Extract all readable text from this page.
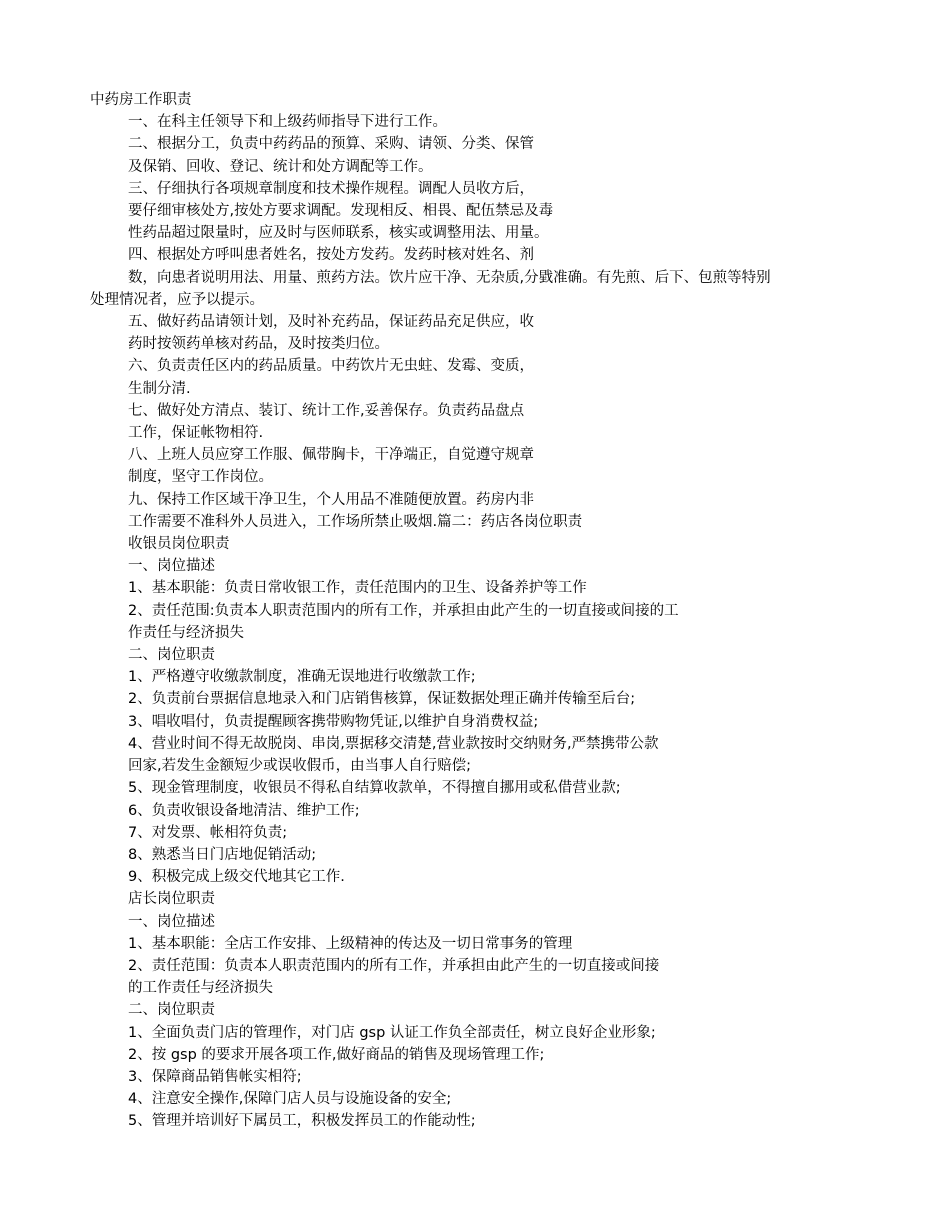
中药房工作职责
一、在科主任领导下和上级药师指导下进行工作。
二、根据分工，负责中药药品的预算、采购、请领、分类、保管
及保销、回收、登记、统计和处方调配等工作。
三、仔细执行各项规章制度和技术操作规程。调配人员收方后，
要仔细审核处方,按处方要求调配。发现相反、相畏、配伍禁忌及毒
性药品超过限量时，应及时与医师联系，核实或调整用法、用量。
四、根据处方呼叫患者姓名，按处方发药。发药时核对姓名、剂
数，向患者说明用法、用量、煎药方法。饮片应干净、无杂质,分戥准确。有先煎、后下、包煎等特别
处理情况者，应予以提示。
五、做好药品请领计划，及时补充药品，保证药品充足供应，收
药时按领药单核对药品，及时按类归位。
六、负责责任区内的药品质量。中药饮片无虫蛀、发霉、变质，
生制分清.
七、做好处方清点、装订、统计工作,妥善保存。负责药品盘点
工作，保证帐物相符.
八、上班人员应穿工作服、佩带胸卡，干净端正，自觉遵守规章
制度，坚守工作岗位。
九、保持工作区域干净卫生，个人用品不准随便放置。药房内非
工作需要不准科外人员进入，工作场所禁止吸烟.篇二：药店各岗位职责
收银员岗位职责
一、岗位描述
1、基本职能：负责日常收银工作，责任范围内的卫生、设备养护等工作
2、责任范围:负责本人职责范围内的所有工作，并承担由此产生的一切直接或间接的工
作责任与经济损失
二、岗位职责
1、严格遵守收缴款制度，准确无误地进行收缴款工作;
2、负责前台票据信息地录入和门店销售核算，保证数据处理正确并传输至后台;
3、唱收唱付，负责提醒顾客携带购物凭证,以维护自身消费权益;
4、营业时间不得无故脱岗、串岗,票据移交清楚,营业款按时交纳财务,严禁携带公款
回家,若发生金额短少或误收假币，由当事人自行赔偿;
5、现金管理制度，收银员不得私自结算收款单，不得擅自挪用或私借营业款;
6、负责收银设备地清洁、维护工作;
7、对发票、帐相符负责;
8、熟悉当日门店地促销活动;
9、积极完成上级交代地其它工作.
店长岗位职责
一、岗位描述
1、基本职能：全店工作安排、上级精神的传达及一切日常事务的管理
2、责任范围：负责本人职责范围内的所有工作，并承担由此产生的一切直接或间接
的工作责任与经济损失
二、岗位职责
1、全面负责门店的管理作，对门店 gsp 认证工作负全部责任，树立良好企业形象;
2、按 gsp 的要求开展各项工作,做好商品的销售及现场管理工作;
3、保障商品销售帐实相符;
4、注意安全操作,保障门店人员与设施设备的安全;
5、管理并培训好下属员工，积极发挥员工的作能动性;
